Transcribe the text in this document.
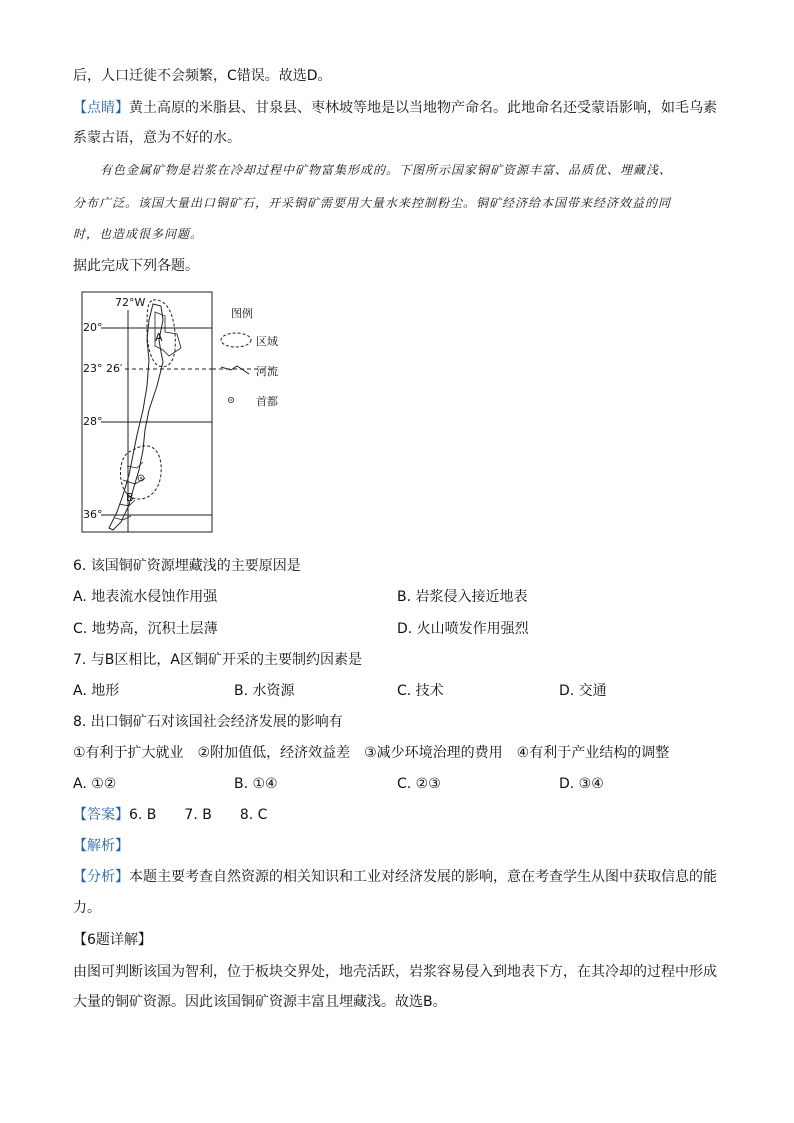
后，人口迁徙不会频繁，C错误。故选D。
【点睛】黄土高原的米脂县、甘泉县、枣林坡等地是以当地物产命名。此地命名还受蒙语影响，如毛乌素
系蒙古语，意为不好的水。
有色金属矿物是岩浆在冷却过程中矿物富集形成的。下图所示国家铜矿资源丰富、品质优、埋藏浅、
分布广泛。该国大量出口铜矿石，开采铜矿需要用大量水来控制粉尘。铜矿经济给本国带来经济效益的同
时，也造成很多问题。
据此完成下列各题。
72°W
20°
23° 26′
28°
36°
A
B
图例
区域
河流
首都
6. 该国铜矿资源埋藏浅的主要原因是
A. 地表流水侵蚀作用强	B. 岩浆侵入接近地表
C. 地势高，沉积土层薄	D. 火山喷发作用强烈
7. 与B区相比，A区铜矿开采的主要制约因素是
A. 地形	B. 水资源	C. 技术	D. 交通
8. 出口铜矿石对该国社会经济发展的影响有
①有利于扩大就业　②附加值低，经济效益差　③减少环境治理的费用　④有利于产业结构的调整
A. ①②	B. ①④	C. ②③	D. ③④
【答案】6. B　　7. B　　8. C
【解析】
【分析】本题主要考查自然资源的相关知识和工业对经济发展的影响，意在考查学生从图中获取信息的能
力。
【6题详解】
由图可判断该国为智利，位于板块交界处，地壳活跃，岩浆容易侵入到地表下方，在其冷却的过程中形成
大量的铜矿资源。因此该国铜矿资源丰富且埋藏浅。故选B。
